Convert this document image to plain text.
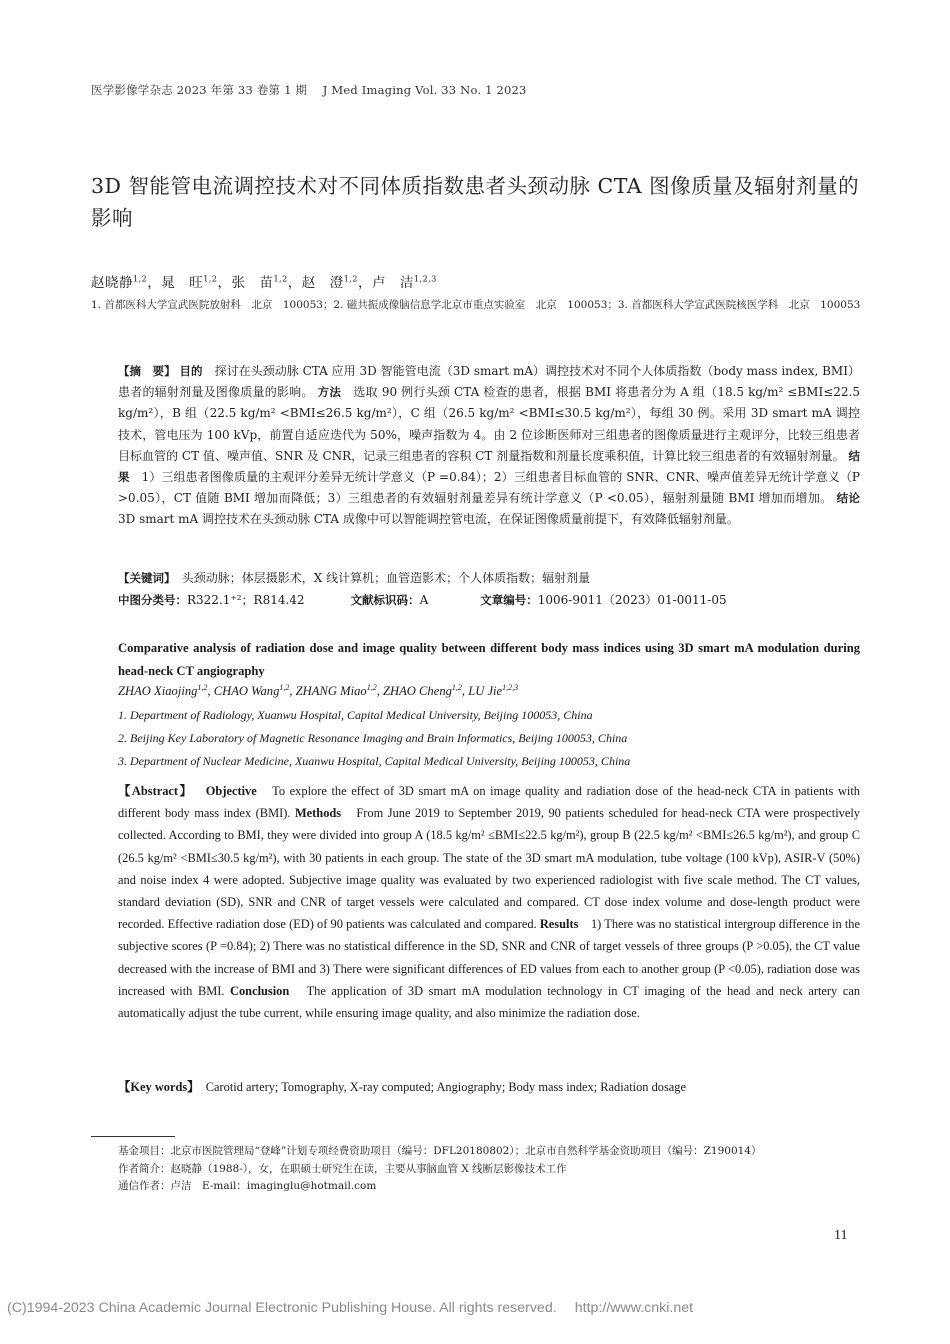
医学影像学杂志 2023 年第 33 卷第 1 期　 J Med Imaging Vol. 33 No. 1 2023
3D 智能管电流调控技术对不同体质指数患者头颈动脉 CTA 图像质量及辐射剂量的影响
赵晓静$^{1,2}$，晁　旺$^{1,2}$，张　苗$^{1,2}$，赵　澄$^{1,2}$，卢　洁$^{1,2,3}$
1. 首都医科大学宣武医院放射科　北京　100053；2. 磁共振成像脑信息学北京市重点实验室　北京　100053；3. 首都医科大学宣武医院核医学科　北京　100053
【摘　要】 目的　 探讨在头颈动脉 CTA 应用 3D 智能管电流（3D smart mA）调控技术对不同个人体质指数（body mass index, BMI）患者的辐射剂量及图像质量的影响。 方法　 选取 90 例行头颈 CTA 检查的患者，根据 BMI 将患者分为 A 组（18.5 kg/m² ≤BMI≤22.5 kg/m²），B 组（22.5 kg/m² <BMI≤26.5 kg/m²），C 组（26.5 kg/m² <BMI≤30.5 kg/m²），每组 30 例。采用 3D smart mA 调控技术，管电压为 100 kVp，前置自适应迭代为 50%，噪声指数为 4。由 2 位诊断医师对三组患者的图像质量进行主观评分，比较三组患者目标血管的 CT 值、噪声值、SNR 及 CNR，记录三组患者的容积 CT 剂量指数和剂量长度乘积值，计算比较三组患者的有效辐射剂量。 结果　 1）三组患者图像质量的主观评分差异无统计学意义（P =0.84）；2）三组患者目标血管的 SNR、CNR、噪声值差异无统计学意义（P >0.05），CT 值随 BMI 增加而降低；3）三组患者的有效辐射剂量差异有统计学意义（P <0.05），辐射剂量随 BMI 增加而增加。 结论　3D smart mA 调控技术在头颈动脉 CTA 成像中可以智能调控管电流，在保证图像质量前提下，有效降低辐射剂量。
【关键词】　 头颈动脉；体层摄影术，X 线计算机；血管造影术；个人体质指数；辐射剂量
中图分类号：R322.1⁺²；R814.42	文献标识码：A	文章编号：1006-9011（2023）01-0011-05
Comparative analysis of radiation dose and image quality between different body mass indices using 3D smart mA modulation during head-neck CT angiography
ZHAO Xiaojing$^{1,2}$, CHAO Wang$^{1,2}$, ZHANG Miao$^{1,2}$, ZHAO Cheng$^{1,2}$, LU Jie$^{1,2,3}$
1. Department of Radiology, Xuanwu Hospital, Capital Medical University, Beijing 100053, China
2. Beijing Key Laboratory of Magnetic Resonance Imaging and Brain Informatics, Beijing 100053, China
3. Department of Nuclear Medicine, Xuanwu Hospital, Capital Medical University, Beijing 100053, China
【Abstract】　 Objective　 To explore the effect of 3D smart mA on image quality and radiation dose of the head-neck CTA in patients with different body mass index (BMI). Methods　 From June 2019 to September 2019, 90 patients scheduled for head-neck CTA were prospectively collected. According to BMI, they were divided into group A (18.5 kg/m² ≤BMI≤22.5 kg/m²), group B (22.5 kg/m² <BMI≤26.5 kg/m²), and group C (26.5 kg/m² <BMI≤30.5 kg/m²), with 30 patients in each group. The state of the 3D smart mA modulation, tube voltage (100 kVp), ASIR-V (50%) and noise index 4 were adopted. Subjective image quality was evaluated by two experienced radiologist with five scale method. The CT values, standard deviation (SD), SNR and CNR of target vessels were calculated and compared. CT dose index volume and dose-length product were recorded. Effective radiation dose (ED) of 90 patients was calculated and compared. Results　 1) There was no statistical intergroup difference in the subjective scores (P =0.84); 2) There was no statistical difference in the SD, SNR and CNR of target vessels of three groups (P >0.05), the CT value decreased with the increase of BMI and 3) There were significant differences of ED values from each to another group (P <0.05), radiation dose was increased with BMI. Conclusion　 The application of 3D smart mA modulation technology in CT imaging of the head and neck artery can automatically adjust the tube current, while ensuring image quality, and also minimize the radiation dose.
【Key words】　 Carotid artery; Tomography, X-ray computed; Angiography; Body mass index; Radiation dosage
基金项目：北京市医院管理局“登峰”计划专项经费资助项目（编号：DFL20180802）；北京市自然科学基金资助项目（编号：Z190014）
作者简介：赵晓静（1988-），女，在职硕士研究生在读，主要从事脑血管 X 线断层影像技术工作
通信作者：卢洁　E-mail：imaginglu@hotmail.com
11
(C)1994-2023 China Academic Journal Electronic Publishing House. All rights reserved.　 http://www.cnki.net
